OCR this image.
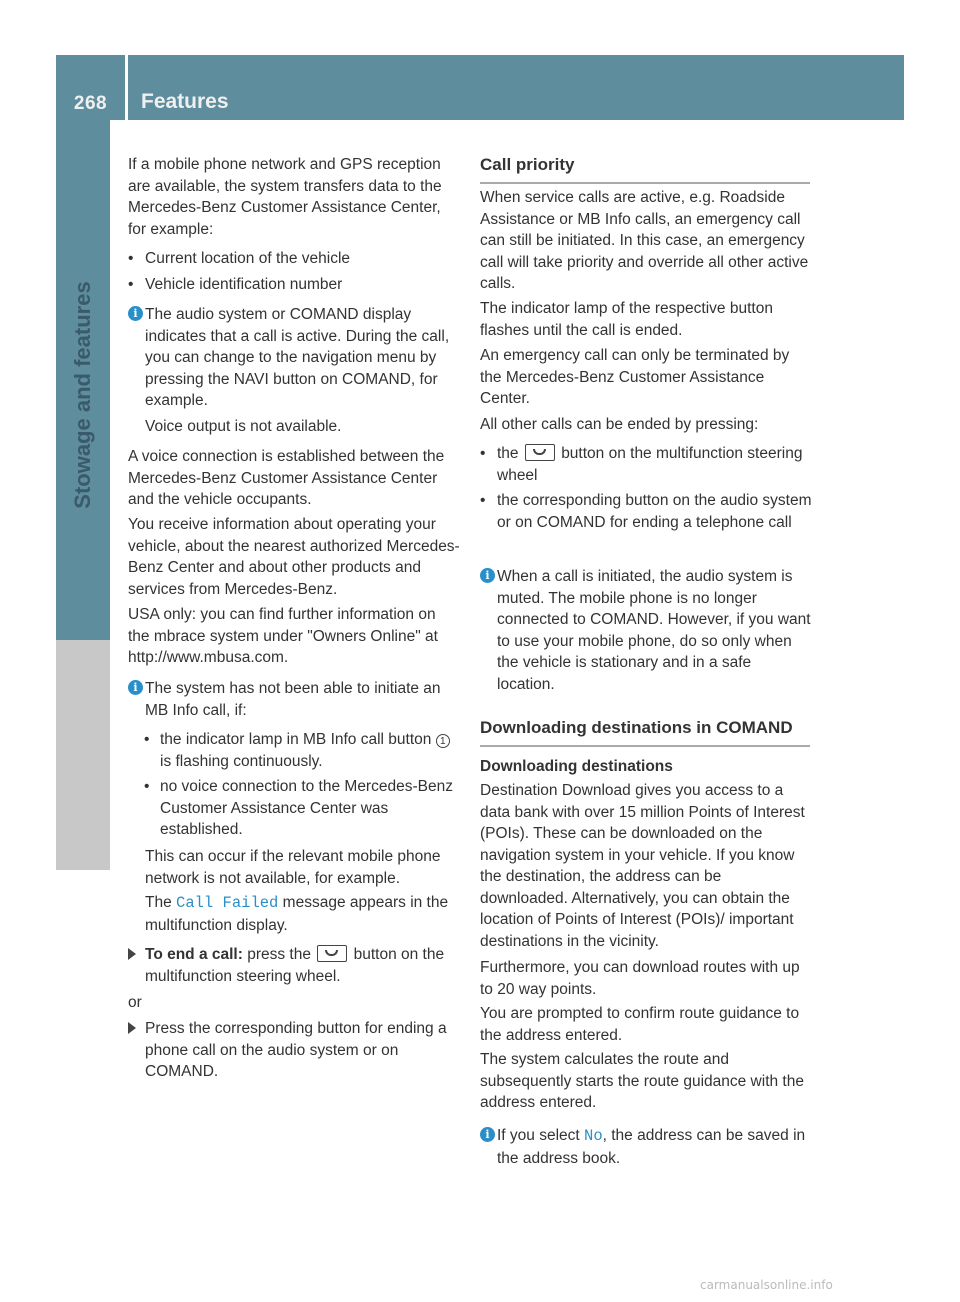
268	Features
Stowage and features

If a mobile phone network and GPS reception are available, the system transfers data to the Mercedes-Benz Customer Assistance Center, for example:

• Current location of the vehicle
• Vehicle identification number
i The audio system or COMAND display indicates that a call is active. During the call, you can change to the navigation menu by pressing the NAVI button on COMAND, for example.

Voice output is not available.

A voice connection is established between the Mercedes-Benz Customer Assistance Center and the vehicle occupants.

You receive information about operating your vehicle, about the nearest authorized Mercedes-Benz Center and about other products and services from Mercedes-Benz.

USA only: you can find further information on the mbrace system under "Owners Online" at http://www.mbusa.com.

i The system has not been able to initiate an MB Info call, if:
• the indicator lamp in MB Info call button 1 is flashing continuously.
• no voice connection to the Mercedes-Benz Customer Assistance Center was established.

This can occur if the relevant mobile phone network is not available, for example.

The Call Failed message appears in the multifunction display.
To end a call: press the	button on the multifunction steering wheel.

or

Press the corresponding button for ending a phone call on the audio system or on COMAND.
Call priority

When service calls are active, e.g. Roadside Assistance or MB Info calls, an emergency call can still be initiated. In this case, an emergency call will take priority and override all other active calls.

The indicator lamp of the respective button flashes until the call is ended.

An emergency call can only be terminated by the Mercedes-Benz Customer Assistance Center.

All other calls can be ended by pressing:

• the	button on the multifunction steering wheel
• the corresponding button on the audio system or on COMAND for ending a telephone call
i When a call is initiated, the audio system is muted. The mobile phone is no longer connected to COMAND. However, if you want to use your mobile phone, do so only when the vehicle is stationary and in a safe location.
Downloading destinations in COMAND

Downloading destinations

Destination Download gives you access to a data bank with over 15 million Points of Interest (POIs). These can be downloaded on the navigation system in your vehicle. If you know the destination, the address can be downloaded. Alternatively, you can obtain the location of Points of Interest (POIs)/ important destinations in the vicinity.

Furthermore, you can download routes with up to 20 way points.

You are prompted to confirm route guidance to the address entered.

The system calculates the route and subsequently starts the route guidance with the address entered.

i If you select No, the address can be saved in the address book.
carmanualsonline.info
